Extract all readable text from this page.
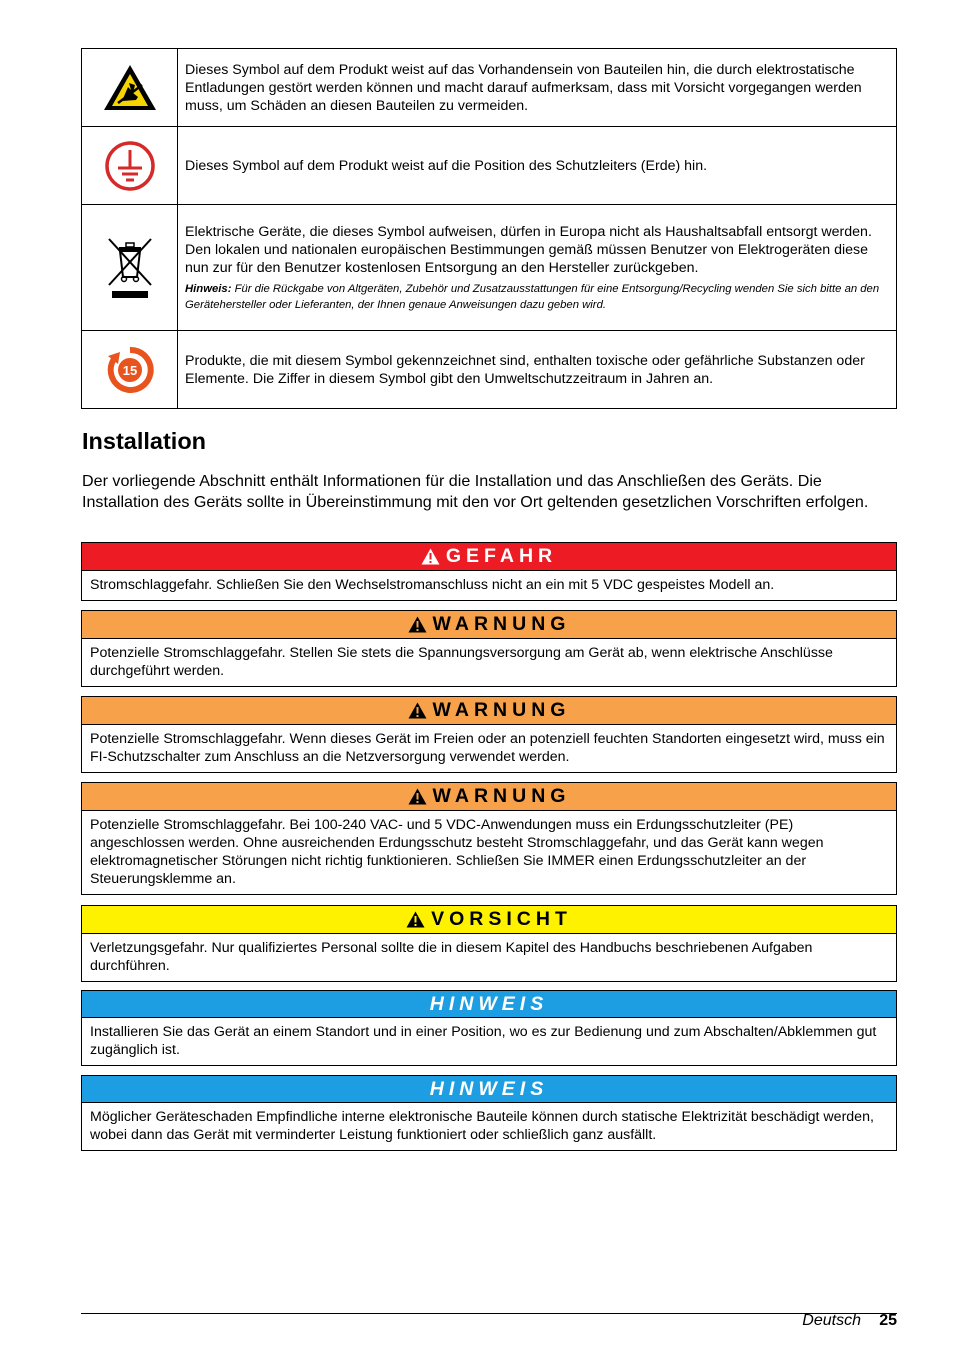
	Dieses Symbol auf dem Produkt weist auf das Vorhandensein von Bauteilen hin, die durch elektrostatische Entladungen gestört werden können und macht darauf aufmerksam, dass mit Vorsicht vorgegangen werden muss, um Schäden an diesen Bauteilen zu vermeiden.
	Dieses Symbol auf dem Produkt weist auf die Position des Schutzleiters (Erde) hin.

Elektrische Geräte, die dieses Symbol aufweisen, dürfen in Europa nicht als Haushaltsabfall entsorgt werden. Den lokalen und nationalen europäischen Bestimmungen gemäß müssen Benutzer von Elektrogeräten diese nun zur für den Benutzer kostenlosen Entsorgung an den Hersteller zurückgeben.
Hinweis: Für die Rückgabe von Altgeräten, Zubehör und Zusatzausstattungen für eine Entsorgung/Recycling wenden Sie sich bitte an den Gerätehersteller oder Lieferanten, der Ihnen genaue Anweisungen dazu geben wird.

15	Produkte, die mit diesem Symbol gekennzeichnet sind, enthalten toxische oder gefährliche Substanzen oder Elemente. Die Ziffer in diesem Symbol gibt den Umweltschutzzeitraum in Jahren an.
Installation

Der vorliegende Abschnitt enthält Informationen für die Installation und das Anschließen des Geräts. Die Installation des Geräts sollte in Übereinstimmung mit den vor Ort geltenden gesetzlichen Vorschriften erfolgen.

GEFAHR
Stromschlaggefahr. Schließen Sie den Wechselstromanschluss nicht an ein mit 5 VDC gespeistes Modell an.
WARNUNG
Potenzielle Stromschlaggefahr. Stellen Sie stets die Spannungsversorgung am Gerät ab, wenn elektrische Anschlüsse durchgeführt werden.
WARNUNG
Potenzielle Stromschlaggefahr. Wenn dieses Gerät im Freien oder an potenziell feuchten Standorten eingesetzt wird, muss ein FI-Schutzschalter zum Anschluss an die Netzversorgung verwendet werden.
WARNUNG
Potenzielle Stromschlaggefahr. Bei 100-240 VAC- und 5 VDC-Anwendungen muss ein Erdungsschutzleiter (PE) angeschlossen werden. Ohne ausreichenden Erdungsschutz besteht Stromschlaggefahr, und das Gerät kann wegen elektromagnetischer Störungen nicht richtig funktionieren. Schließen Sie IMMER einen Erdungsschutzleiter an der Steuerungsklemme an.
VORSICHT
Verletzungsgefahr. Nur qualifiziertes Personal sollte die in diesem Kapitel des Handbuchs beschriebenen Aufgaben durchführen.
HINWEIS
Installieren Sie das Gerät an einem Standort und in einer Position, wo es zur Bedienung und zum Abschalten/Abklemmen gut zugänglich ist.
HINWEIS
Möglicher Geräteschaden Empfindliche interne elektronische Bauteile können durch statische Elektrizität beschädigt werden, wobei dann das Gerät mit verminderter Leistung funktioniert oder schließlich ganz ausfällt.
Deutsch 25
